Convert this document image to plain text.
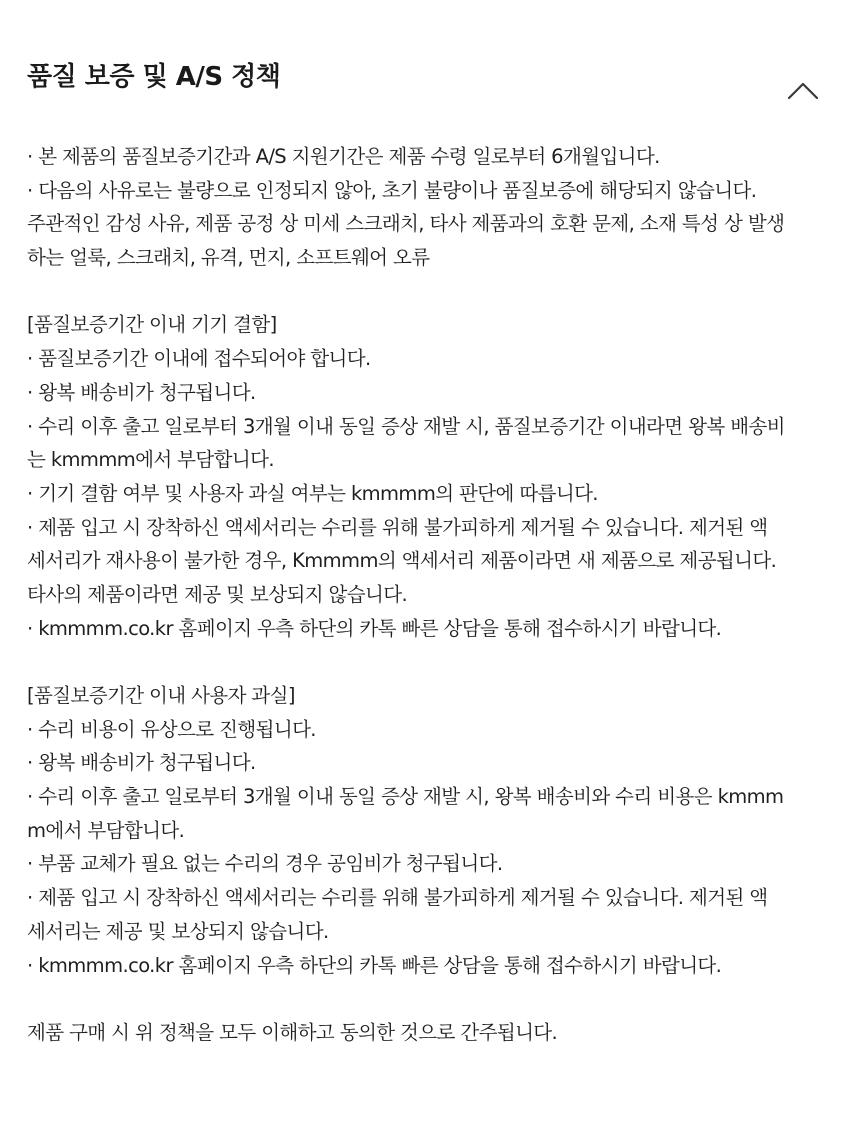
품질 보증 및 A/S 정책
· 본 제품의 품질보증기간과 A/S 지원기간은 제품 수령 일로부터 6개월입니다.
· 다음의 사유로는 불량으로 인정되지 않아, 초기 불량이나 품질보증에 해당되지 않습니다.
주관적인 감성 사유, 제품 공정 상 미세 스크래치, 타사 제품과의 호환 문제, 소재 특성 상 발생
하는 얼룩, 스크래치, 유격, 먼지, 소프트웨어 오류
[품질보증기간 이내 기기 결함]
· 품질보증기간 이내에 접수되어야 합니다.
· 왕복 배송비가 청구됩니다.
· 수리 이후 출고 일로부터 3개월 이내 동일 증상 재발 시, 품질보증기간 이내라면 왕복 배송비
는 kmmmm에서 부담합니다.
· 기기 결함 여부 및 사용자 과실 여부는 kmmmm의 판단에 따릅니다.
· 제품 입고 시 장착하신 액세서리는 수리를 위해 불가피하게 제거될 수 있습니다. 제거된 액
세서리가 재사용이 불가한 경우, Kmmmm의 액세서리 제품이라면 새 제품으로 제공됩니다.
타사의 제품이라면 제공 및 보상되지 않습니다.
· kmmmm.co.kr 홈페이지 우측 하단의 카톡 빠른 상담을 통해 접수하시기 바랍니다.
[품질보증기간 이내 사용자 과실]
· 수리 비용이 유상으로 진행됩니다.
· 왕복 배송비가 청구됩니다.
· 수리 이후 출고 일로부터 3개월 이내 동일 증상 재발 시, 왕복 배송비와 수리 비용은 kmmm
m에서 부담합니다.
· 부품 교체가 필요 없는 수리의 경우 공임비가 청구됩니다.
· 제품 입고 시 장착하신 액세서리는 수리를 위해 불가피하게 제거될 수 있습니다. 제거된 액
세서리는 제공 및 보상되지 않습니다.
· kmmmm.co.kr 홈페이지 우측 하단의 카톡 빠른 상담을 통해 접수하시기 바랍니다.
제품 구매 시 위 정책을 모두 이해하고 동의한 것으로 간주됩니다.
